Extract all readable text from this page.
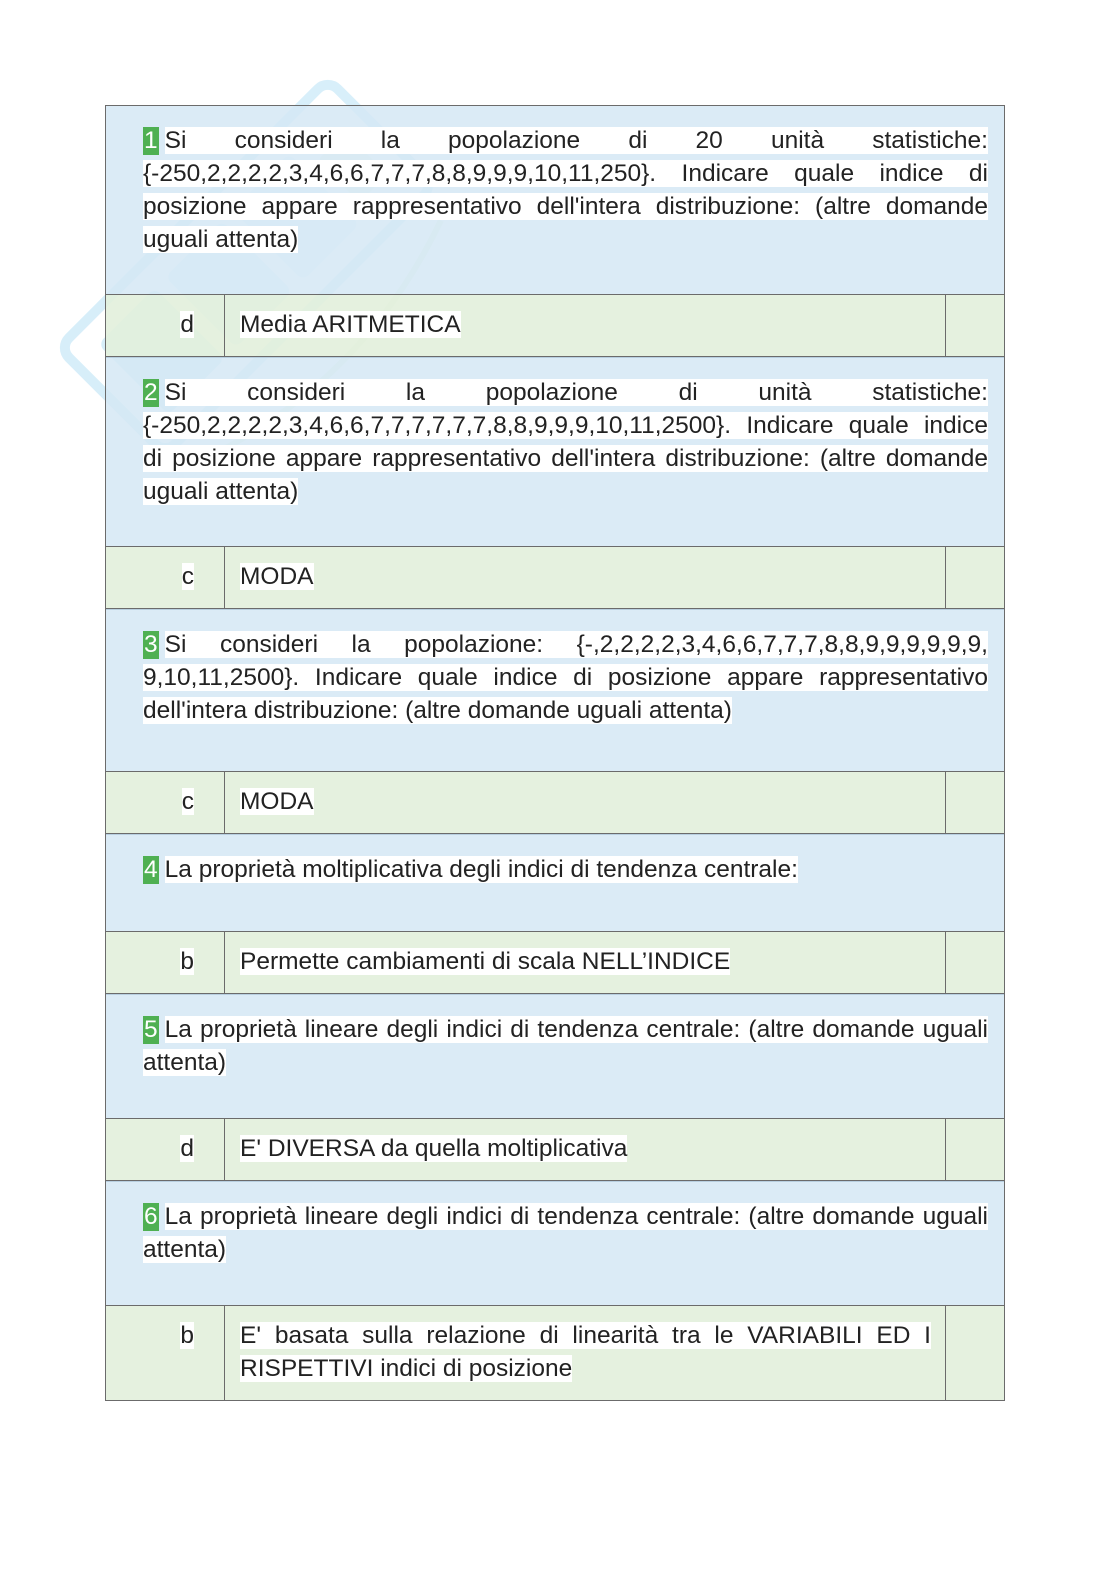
1 Si consideri la popolazione di 20 unità statistiche: {-250,2,2,2,2,3,4,6,6,7,7,7,8,8,9,9,9,10,11,250}. Indicare quale indice di posizione appare rappresentativo dell'intera distribuzione: (altre domande uguali attenta)

d	Media ARITMETICA

2 Si consideri la popolazione di unità statistiche: {-250,2,2,2,2,3,4,6,6,7,7,7,7,7,7,8,8,9,9,9,10,11,2500}. Indicare quale indice di posizione appare rappresentativo dell'intera distribuzione: (altre domande uguali attenta)

c	MODA

3 Si consideri la popolazione: {-,2,2,2,2,3,4,6,6,7,7,7,8,8,9,9,9,9,9,9, 9,10,11,2500}. Indicare quale indice di posizione appare rappresentativo dell'intera distribuzione: (altre domande uguali attenta)

c	MODA

4 La proprietà moltiplicativa degli indici di tendenza centrale:

b	Permette cambiamenti di scala NELL’INDICE

5 La proprietà lineare degli indici di tendenza centrale: (altre domande uguali attenta)

d	E' DIVERSA da quella moltiplicativa

6 La proprietà lineare degli indici di tendenza centrale: (altre domande uguali attenta)

b	E' basata sulla relazione di linearità tra le VARIABILI ED I RISPETTIVI indici di posizione
